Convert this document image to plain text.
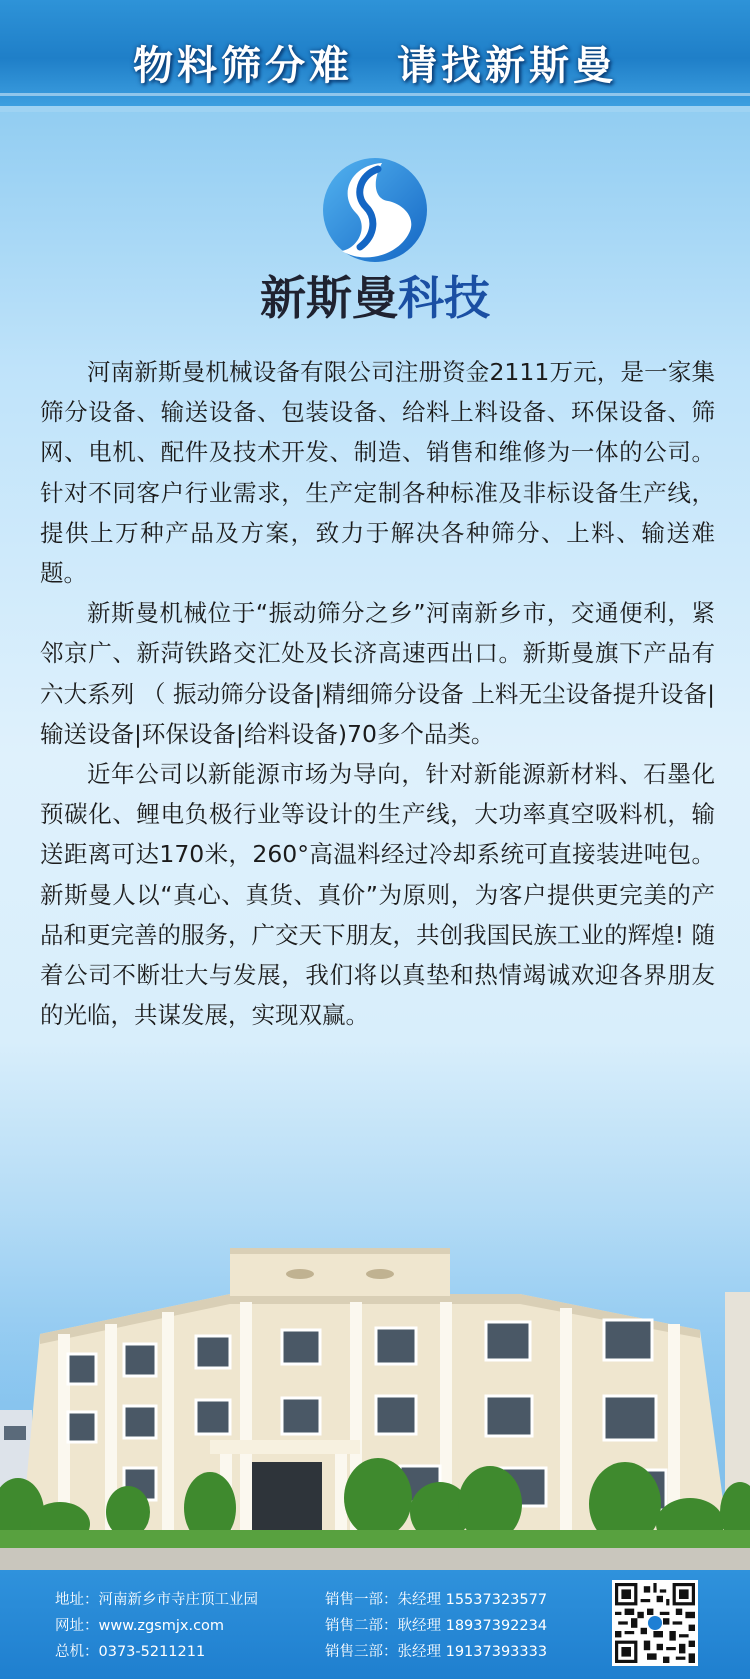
物料筛分难 请找新斯曼
新斯曼科技

河南新斯曼机械设备有限公司注册资金2111万元，是一家集筛分设备、输送设备、包装设备、给料上料设备、环保设备、筛网、电机、配件及技术开发、制造、销售和维修为一体的公司。针对不同客户行业需求，生产定制各种标准及非标设备生产线，提供上万种产品及方案，致力于解决各种筛分、上料、输送难题。

新斯曼机械位于“振动筛分之乡”河南新乡市，交通便利，紧邻京广、新菏铁路交汇处及长济高速西出口。新斯曼旗下产品有六大系列 （ 振动筛分设备|精细筛分设备 上料无尘设备提升设备| 输送设备|环保设备|给料设备)70多个品类。

近年公司以新能源市场为导向，针对新能源新材料、石墨化预碳化、鲤电负极行业等设计的生产线，大功率真空吸料机，输送距离可达170米，260°高温料经过冷却系统可直接装进吨包。新斯曼人以“真心、真货、真价”为原则，为客户提供更完美的产品和更完善的服务，广交天下朋友，共创我国民族工业的辉煌! 随着公司不断壮大与发展，我们将以真垫和热情竭诚欢迎各界朋友的光临，共谋发展，实现双赢。

地址：河南新乡市寺庄顶工业园
网址：www.zgsmjx.com
总机：0373-5211211
销售一部：朱经理 15537323577
销售二部：耿经理 18937392234
销售三部：张经理 19137393333
